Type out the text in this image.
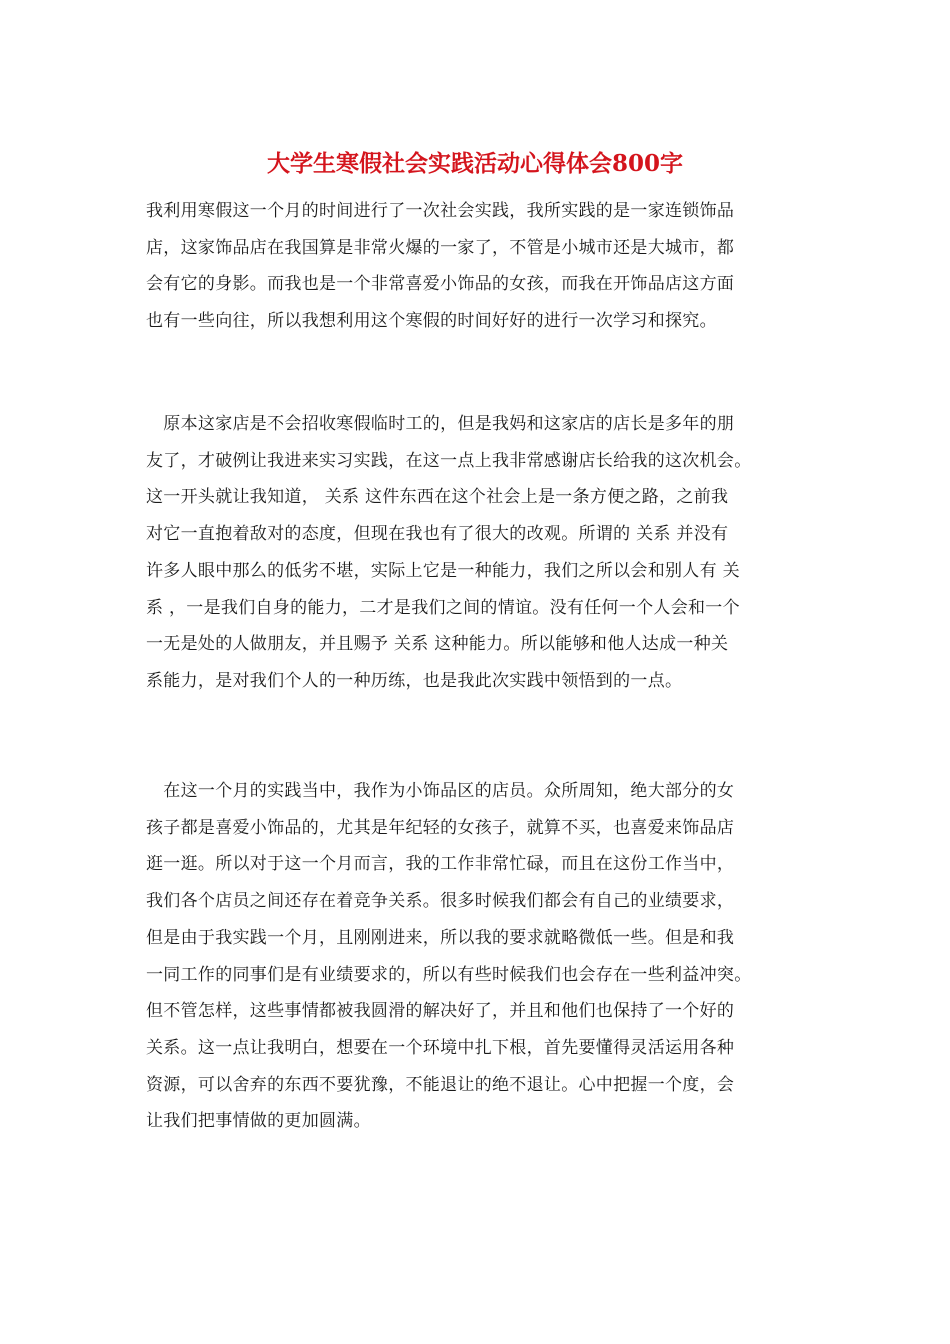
大学生寒假社会实践活动心得体会800字
我利用寒假这一个月的时间进行了一次社会实践，我所实践的是一家连锁饰品
店，这家饰品店在我国算是非常火爆的一家了，不管是小城市还是大城市，都
会有它的身影。而我也是一个非常喜爱小饰品的女孩，而我在开饰品店这方面
也有一些向往，所以我想利用这个寒假的时间好好的进行一次学习和探究。
　原本这家店是不会招收寒假临时工的，但是我妈和这家店的店长是多年的朋
友了，才破例让我进来实习实践，在这一点上我非常感谢店长给我的这次机会。
这一开头就让我知道， 关系 这件东西在这个社会上是一条方便之路，之前我
对它一直抱着敌对的态度，但现在我也有了很大的改观。所谓的 关系 并没有
许多人眼中那么的低劣不堪，实际上它是一种能力，我们之所以会和别人有 关
系 ，一是我们自身的能力，二才是我们之间的情谊。没有任何一个人会和一个
一无是处的人做朋友，并且赐予 关系 这种能力。所以能够和他人达成一种关
系能力，是对我们个人的一种历练，也是我此次实践中领悟到的一点。
　在这一个月的实践当中，我作为小饰品区的店员。众所周知，绝大部分的女
孩子都是喜爱小饰品的，尤其是年纪轻的女孩子，就算不买，也喜爱来饰品店
逛一逛。所以对于这一个月而言，我的工作非常忙碌，而且在这份工作当中，
我们各个店员之间还存在着竞争关系。很多时候我们都会有自己的业绩要求，
但是由于我实践一个月，且刚刚进来，所以我的要求就略微低一些。但是和我
一同工作的同事们是有业绩要求的，所以有些时候我们也会存在一些利益冲突。
但不管怎样，这些事情都被我圆滑的解决好了，并且和他们也保持了一个好的
关系。这一点让我明白，想要在一个环境中扎下根，首先要懂得灵活运用各种
资源，可以舍弃的东西不要犹豫，不能退让的绝不退让。心中把握一个度，会
让我们把事情做的更加圆满。
